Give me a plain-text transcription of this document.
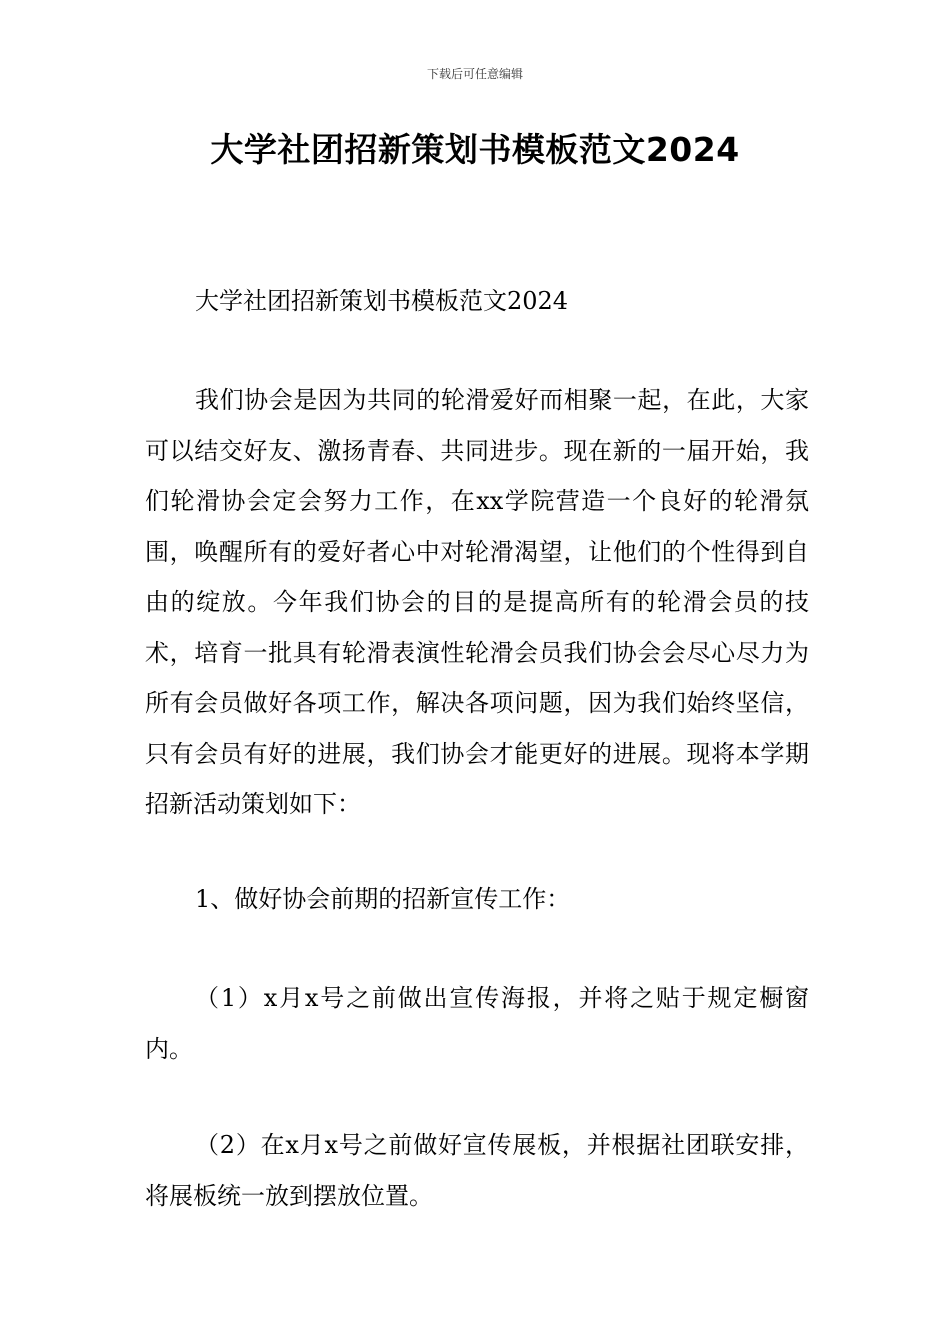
下载后可任意编辑
大学社团招新策划书模板范文2024

大学社团招新策划书模板范文2024

我们协会是因为共同的轮滑爱好而相聚一起，在此，大家可以结交好友、激扬青春、共同进步。现在新的一届开始，我们轮滑协会定会努力工作，在xx学院营造一个良好的轮滑氛围，唤醒所有的爱好者心中对轮滑渴望，让他们的个性得到自由的绽放。今年我们协会的目的是提高所有的轮滑会员的技术，培育一批具有轮滑表演性轮滑会员我们协会会尽心尽力为所有会员做好各项工作，解决各项问题，因为我们始终坚信，只有会员有好的进展，我们协会才能更好的进展。现将本学期招新活动策划如下：

1、做好协会前期的招新宣传工作：

（1）x月x号之前做出宣传海报，并将之贴于规定橱窗内。

（2）在x月x号之前做好宣传展板，并根据社团联安排，将展板统一放到摆放位置。
